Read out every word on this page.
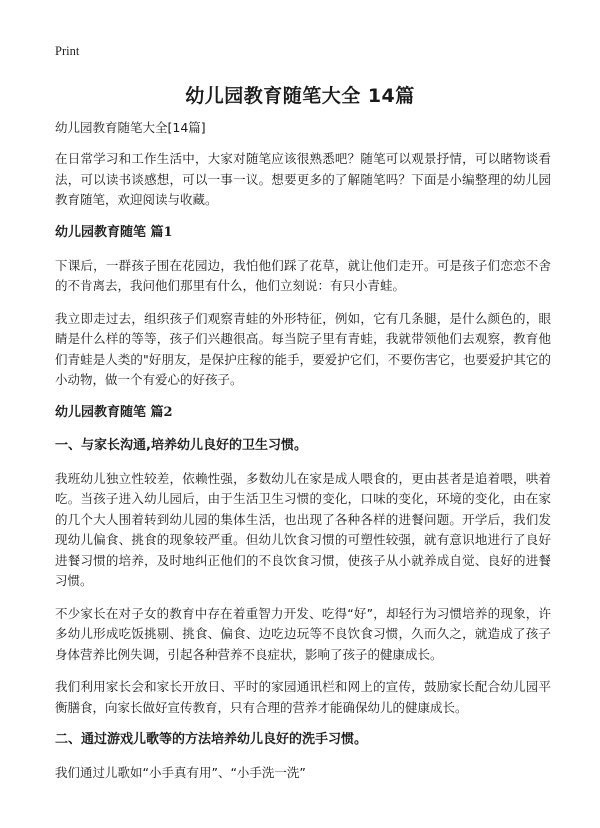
Print
幼儿园教育随笔大全 14篇

幼儿园教育随笔大全[14篇]

在日常学习和工作生活中，大家对随笔应该很熟悉吧？随笔可以观景抒情，可以睹物谈看法，可以读书谈感想，可以一事一议。想要更多的了解随笔吗？下面是小编整理的幼儿园教育随笔，欢迎阅读与收藏。

幼儿园教育随笔 篇1

下课后，一群孩子围在花园边，我怕他们踩了花草，就让他们走开。可是孩子们恋恋不舍的不肯离去，我问他们那里有什么，他们立刻说：有只小青蛙。

我立即走过去，组织孩子们观察青蛙的外形特征，例如，它有几条腿，是什么颜色的，眼睛是什么样的等等，孩子们兴趣很高。每当院子里有青蛙，我就带领他们去观察，教育他们青蛙是人类的"好朋友，是保护庄稼的能手，要爱护它们，不要伤害它，也要爱护其它的小动物，做一个有爱心的好孩子。

幼儿园教育随笔 篇2

一、与家长沟通,培养幼儿良好的卫生习惯。

我班幼儿独立性较差，依赖性强，多数幼儿在家是成人喂食的，更由甚者是追着喂，哄着吃。当孩子进入幼儿园后，由于生活卫生习惯的变化，口味的变化，环境的变化，由在家的几个大人围着转到幼儿园的集体生活，也出现了各种各样的进餐问题。开学后，我们发现幼儿偏食、挑食的现象较严重。但幼儿饮食习惯的可塑性较强，就有意识地进行了良好进餐习惯的培养，及时地纠正他们的不良饮食习惯，使孩子从小就养成自觉、良好的进餐习惯。

不少家长在对子女的教育中存在着重智力开发、吃得“好”，却轻行为习惯培养的现象，许多幼儿形成吃饭挑剔、挑食、偏食、边吃边玩等不良饮食习惯，久而久之，就造成了孩子身体营养比例失调，引起各种营养不良症状，影响了孩子的健康成长。

我们利用家长会和家长开放日、平时的家园通讯栏和网上的宣传，鼓励家长配合幼儿园平衡膳食，向家长做好宣传教育，只有合理的营养才能确保幼儿的健康成长。

二、通过游戏儿歌等的方法培养幼儿良好的洗手习惯。

我们通过儿歌如“小手真有用”、“小手洗一洗”
